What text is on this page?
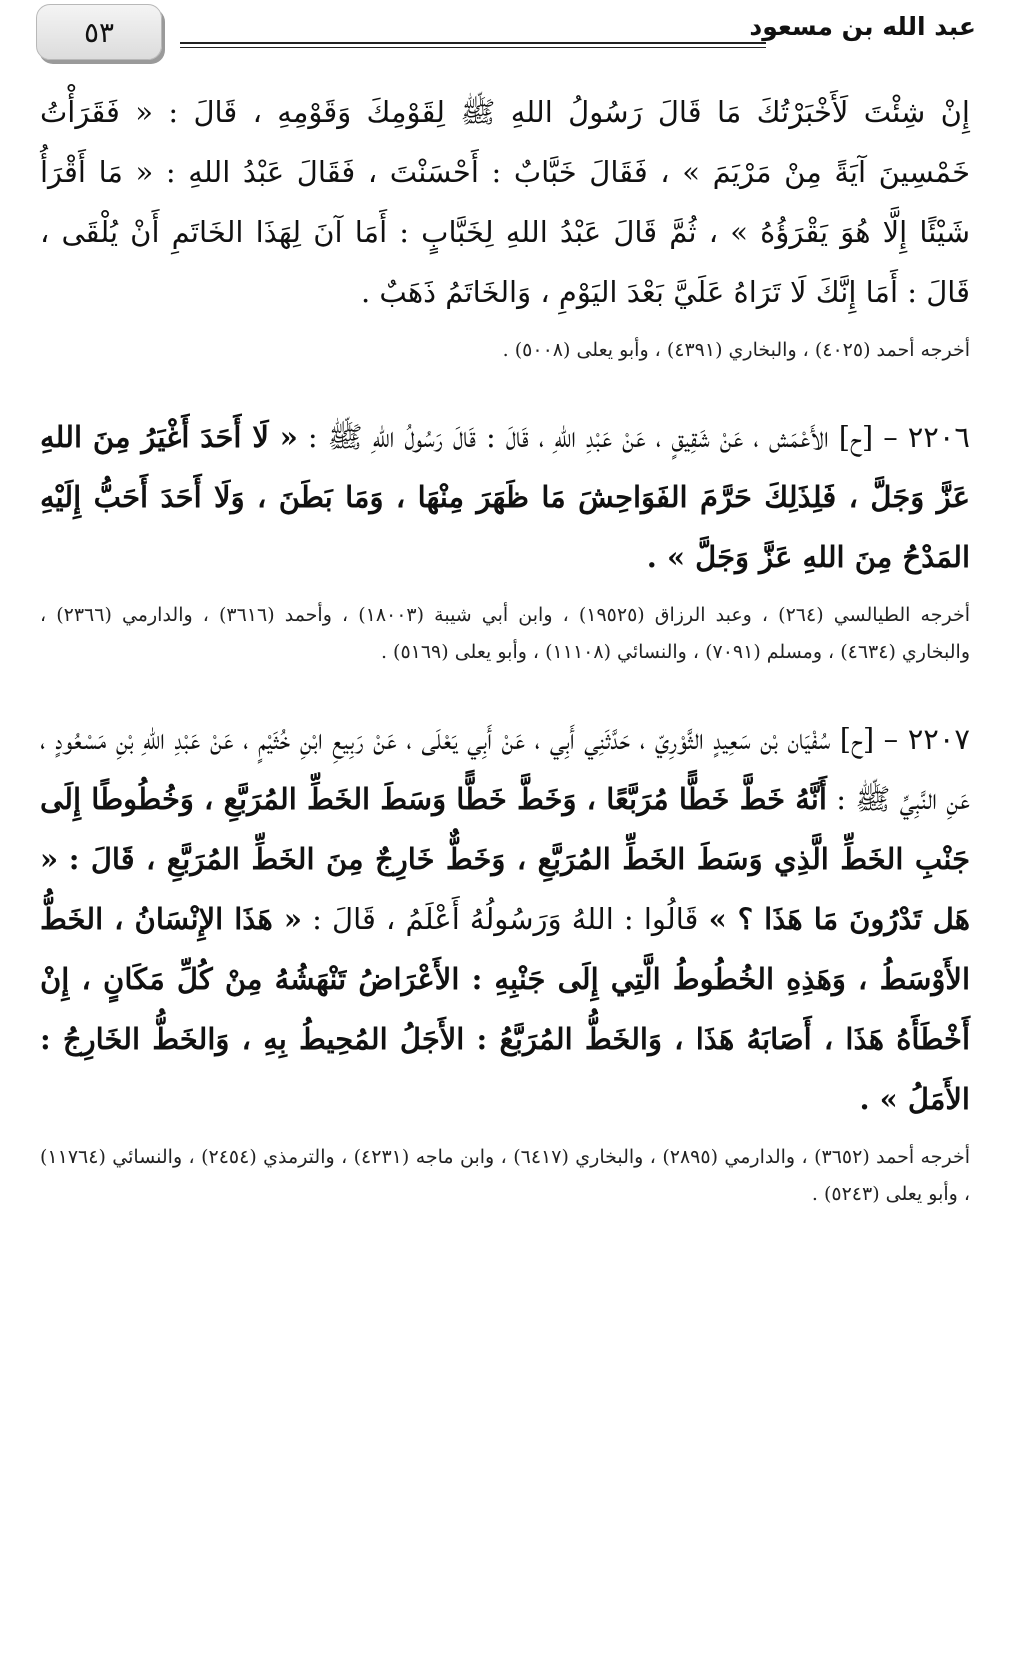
٥٣	عبد الله بن مسعود

إِنْ شِئْتَ لَأَخْبَرْتُكَ مَا قَالَ رَسُولُ اللهِ ﷺ لِقَوْمِكَ وَقَوْمِهِ ، قَالَ : « فَقَرَأْتُ خَمْسِينَ آيَةً مِنْ مَرْيَمَ » ، فَقَالَ خَبَّابٌ : أَحْسَنْتَ ، فَقَالَ عَبْدُ اللهِ : « مَا أَقْرَأُ شَيْئًا إِلَّا هُوَ يَقْرَؤُهُ » ، ثُمَّ قَالَ عَبْدُ اللهِ لِخَبَّابٍ : أَمَا آنَ لِهَذَا الخَاتَمِ أَنْ يُلْقَى ، قَالَ : أَمَا إِنَّكَ لَا تَرَاهُ عَلَيَّ بَعْدَ اليَوْمِ ، وَالخَاتَمُ ذَهَبٌ .

أخرجه أحمد (٤٠٢٥) ، والبخاري (٤٣٩١) ، وأبو يعلى (٥٠٠٨) .

٢٢٠٦ – [ح] الأَعْمَش ، عَنْ شَقِيقٍ ، عَنْ عَبْدِ اللهِ ، قَالَ : قَالَ رَسُولُ اللهِ ﷺ : « لَا أَحَدَ أَغْيَرُ مِنَ اللهِ عَزَّ وَجَلَّ ، فَلِذَلِكَ حَرَّمَ الفَوَاحِشَ مَا ظَهَرَ مِنْهَا ، وَمَا بَطَنَ ، وَلَا أَحَدَ أَحَبُّ إِلَيْهِ المَدْحُ مِنَ اللهِ عَزَّ وَجَلَّ » .

أخرجه الطيالسي (٢٦٤) ، وعبد الرزاق (١٩٥٢٥) ، وابن أبي شيبة (١٨٠٠٣) ، وأحمد (٣٦١٦) ، والدارمي (٢٣٦٦) ، والبخاري (٤٦٣٤) ، ومسلم (٧٠٩١) ، والنسائي (١١١٠٨) ، وأبو يعلى (٥١٦٩) .

٢٢٠٧ – [ح] سُفْيَان بْن سَعِيدٍ الثَّوْرِيّ ، حَدَّثَنِي أَبِي ، عَنْ أَبِي يَعْلَى ، عَنْ رَبِيعِ ابْنِ خُثَيْمٍ ، عَنْ عَبْدِ اللهِ بْنِ مَسْعُودٍ ، عَنِ النَّبِيِّ ﷺ : أَنَّهُ خَطَّ خَطًّا مُرَبَّعًا ، وَخَطَّ خَطًّا وَسَطَ الخَطِّ المُرَبَّعِ ، وَخُطُوطًا إِلَى جَنْبِ الخَطِّ الَّذِي وَسَطَ الخَطِّ المُرَبَّعِ ، وَخَطٌّ خَارِجٌ مِنَ الخَطِّ المُرَبَّعِ ، قَالَ : « هَل تَدْرُونَ مَا هَذَا ؟ » قَالُوا : اللهُ وَرَسُولُهُ أَعْلَمُ ، قَالَ : « هَذَا الإِنْسَانُ ، الخَطُّ الأَوْسَطُ ، وَهَذِهِ الخُطُوطُ الَّتِي إِلَى جَنْبِهِ : الأَعْرَاضُ تَنْهَشُهُ مِنْ كُلِّ مَكَانٍ ، إِنْ أَخْطَأَهُ هَذَا ، أَصَابَهُ هَذَا ، وَالخَطُّ المُرَبَّعُ : الأَجَلُ المُحِيطُ بِهِ ، وَالخَطُّ الخَارِجُ : الأَمَلُ » .

أخرجه أحمد (٣٦٥٢) ، والدارمي (٢٨٩٥) ، والبخاري (٦٤١٧) ، وابن ماجه (٤٢٣١) ، والترمذي (٢٤٥٤) ، والنسائي (١١٧٦٤) ، وأبو يعلى (٥٢٤٣) .
